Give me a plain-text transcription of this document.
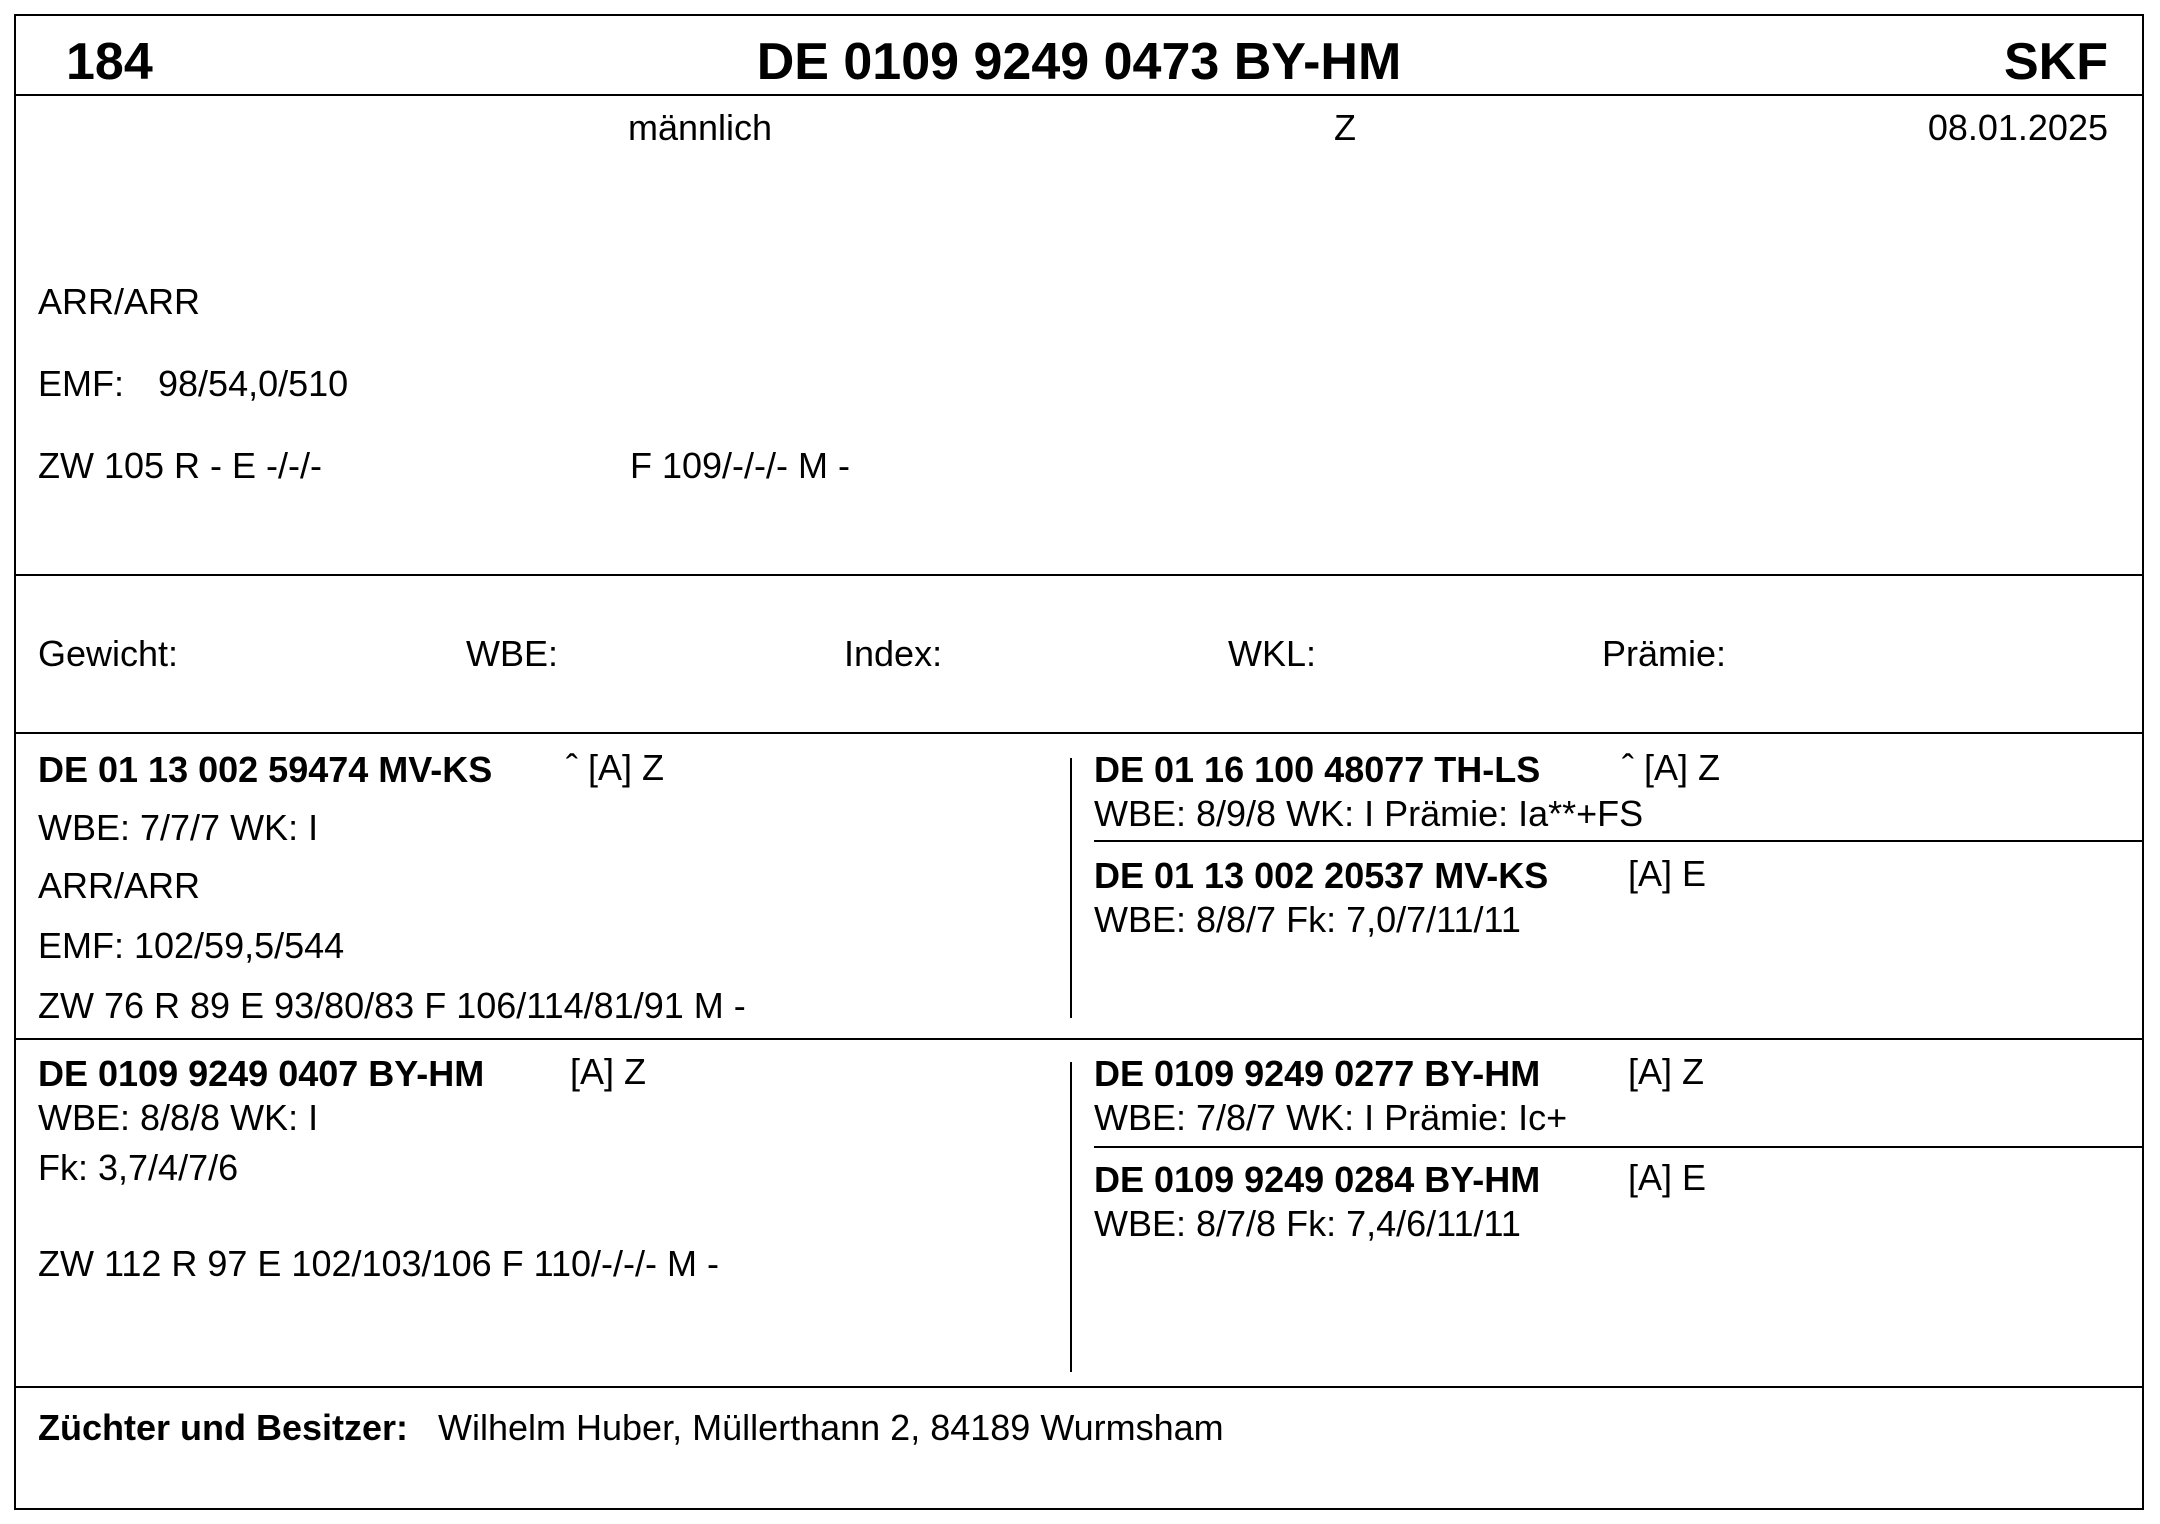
184	DE 0109 9249 0473 BY-HM	SKF
männlich	Z	08.01.2025
ARR/ARR
EMF: 98/54,0/510
ZW 105 R - E -/-/-	F 109/-/-/- M -
Gewicht:	WBE:	Index:	WKL:	Prämie:
DE 01 13 002 59474 MV-KS ˆ [A] Z
WBE: 7/7/7 WK: I
ARR/ARR
EMF: 102/59,5/544
ZW 76 R 89 E 93/80/83 F 106/114/81/91 M -
DE 01 16 100 48077 TH-LS ˆ [A] Z
WBE: 8/9/8 WK: I Prämie: Ia**+FS
DE 01 13 002 20537 MV-KS [A] E
WBE: 8/8/7 Fk: 7,0/7/11/11
DE 0109 9249 0407 BY-HM [A] Z
WBE: 8/8/8 WK: I
Fk: 3,7/4/7/6
ZW 112 R 97 E 102/103/106 F 110/-/-/- M -
DE 0109 9249 0277 BY-HM [A] Z
WBE: 7/8/7 WK: I Prämie: Ic+
DE 0109 9249 0284 BY-HM [A] E
WBE: 8/7/8 Fk: 7,4/6/11/11
Züchter und Besitzer: Wilhelm Huber, Müllerthann 2, 84189 Wurmsham
